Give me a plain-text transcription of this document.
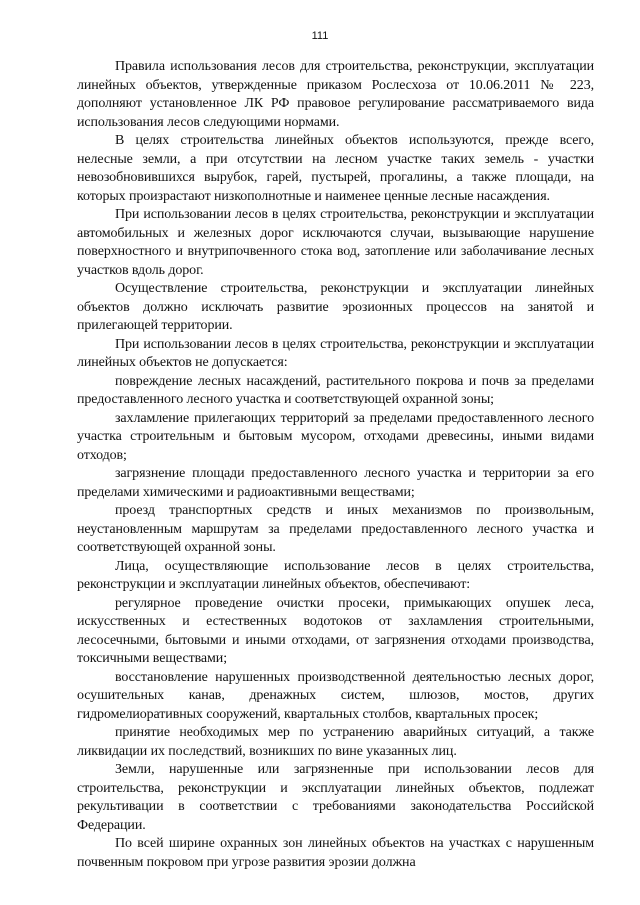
111

Правила использования лесов для строительства, реконструкции, эксплуатации линейных объектов, утвержденные приказом Рослесхоза от 10.06.2011 № 223, дополняют установленное ЛК РФ правовое регулирование рассматриваемого вида использования лесов следующими нормами.

В целях строительства линейных объектов используются, прежде всего, нелесные земли, а при отсутствии на лесном участке таких земель - участки невозобновившихся вырубок, гарей, пустырей, прогалины, а также площади, на которых произрастают низкополнотные и наименее ценные лесные насаждения.

При использовании лесов в целях строительства, реконструкции и эксплуатации автомобильных и железных дорог исключаются случаи, вызывающие нарушение поверхностного и внутрипочвенного стока вод, затопление или заболачивание лесных участков вдоль дорог.

Осуществление строительства, реконструкции и эксплуатации линейных объектов должно исключать развитие эрозионных процессов на занятой и прилегающей территории.

При использовании лесов в целях строительства, реконструкции и эксплуатации линейных объектов не допускается:

повреждение лесных насаждений, растительного покрова и почв за пределами предоставленного лесного участка и соответствующей охранной зоны;

захламление прилегающих территорий за пределами предоставленного лесного участка строительным и бытовым мусором, отходами древесины, иными видами отходов;

загрязнение площади предоставленного лесного участка и территории за его пределами химическими и радиоактивными веществами;

проезд транспортных средств и иных механизмов по произвольным, неустановленным маршрутам за пределами предоставленного лесного участка и соответствующей охранной зоны.

Лица, осуществляющие использование лесов в целях строительства, реконструкции и эксплуатации линейных объектов, обеспечивают:

регулярное проведение очистки просеки, примыкающих опушек леса, искусственных и естественных водотоков от захламления строительными, лесосечными, бытовыми и иными отходами, от загрязнения отходами производства, токсичными веществами;

восстановление нарушенных производственной деятельностью лесных дорог, осушительных канав, дренажных систем, шлюзов, мостов, других гидромелиоративных сооружений, квартальных столбов, квартальных просек;

принятие необходимых мер по устранению аварийных ситуаций, а также ликвидации их последствий, возникших по вине указанных лиц.

Земли, нарушенные или загрязненные при использовании лесов для строительства, реконструкции и эксплуатации линейных объектов, подлежат рекультивации в соответствии с требованиями законодательства Российской Федерации.

По всей ширине охранных зон линейных объектов на участках с нарушенным почвенным покровом при угрозе развития эрозии должна
